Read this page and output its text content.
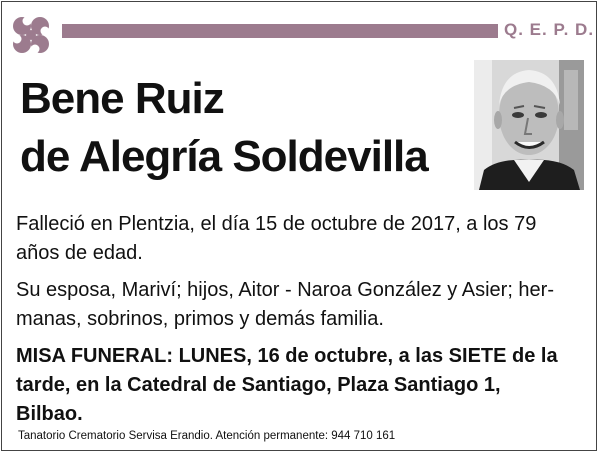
Q. E. P. D.
Bene Ruiz
de Alegría Soldevilla
Falleció en Plentzia, el día 15 de octubre de 2017, a los 79
años de edad.
Su esposa, Mariví; hijos, Aitor - Naroa González y Asier; her-
manas, sobrinos, primos y demás familia.
MISA FUNERAL: LUNES, 16 de octubre, a las SIETE de la
tarde, en la Catedral de Santiago, Plaza Santiago 1,
Bilbao.
Tanatorio Crematorio Servisa Erandio. Atención permanente: 944 710 161
